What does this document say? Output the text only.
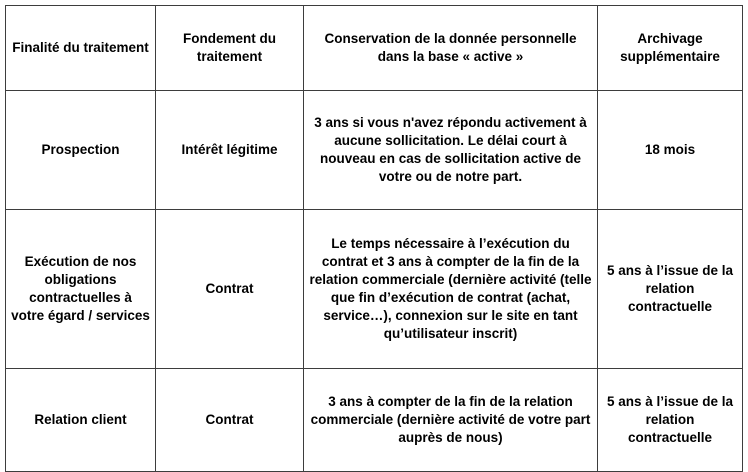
Finalité du traitement	Fondement du traitement	Conservation de la donnée personnelle dans la base « active »	Archivage supplémentaire
Prospection	Intérêt légitime	3 ans si vous n'avez répondu activement à aucune sollicitation. Le délai court à nouveau en cas de sollicitation active de votre ou de notre part.	18 mois
Exécution de nos obligations contractuelles à votre égard / services	Contrat	Le temps nécessaire à l’exécution du contrat et 3 ans à compter de la fin de la relation commerciale (dernière activité (telle que fin d’exécution de contrat (achat, service…), connexion sur le site en tant qu’utilisateur inscrit)	5 ans à l’issue de la relation contractuelle
Relation client	Contrat	3 ans à compter de la fin de la relation commerciale (dernière activité de votre part auprès de nous)	5 ans à l’issue de la relation contractuelle
